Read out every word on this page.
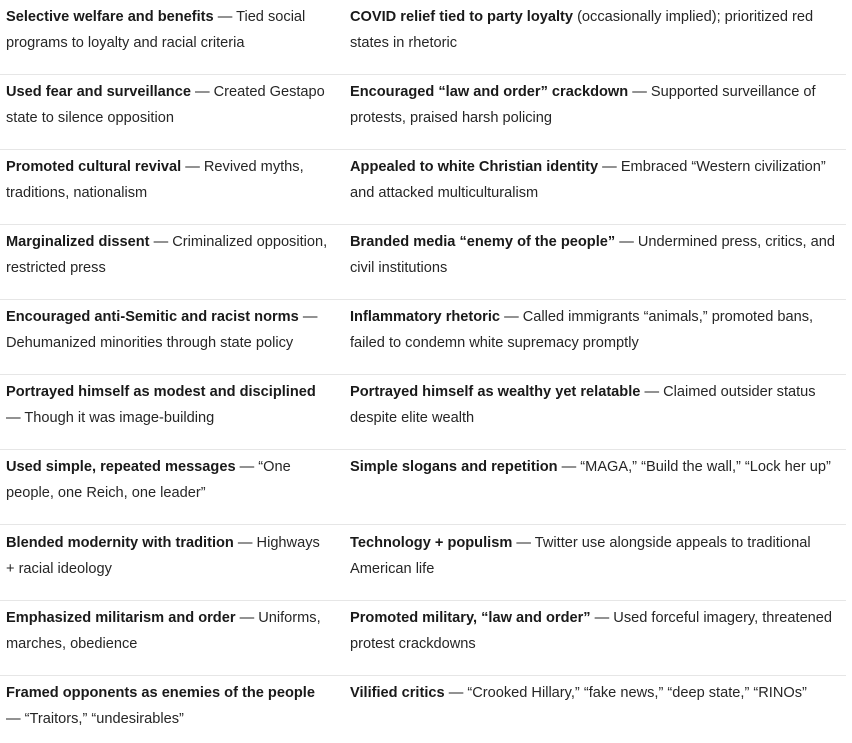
Selective welfare and benefits — Tied social programs to loyalty and racial criteria
COVID relief tied to party loyalty (occasionally implied); prioritized red states in rhetoric
Used fear and surveillance — Created Gestapo state to silence opposition
Encouraged “law and order” crackdown — Supported surveillance of protests, praised harsh policing
Promoted cultural revival — Revived myths, traditions, nationalism
Appealed to white Christian identity — Embraced “Western civilization” and attacked multiculturalism
Marginalized dissent — Criminalized opposition, restricted press
Branded media “enemy of the people” — Undermined press, critics, and civil institutions
Encouraged anti-Semitic and racist norms — Dehumanized minorities through state policy
Inflammatory rhetoric — Called immigrants “animals,” promoted bans, failed to condemn white supremacy promptly
Portrayed himself as modest and disciplined — Though it was image-building
Portrayed himself as wealthy yet relatable — Claimed outsider status despite elite wealth
Used simple, repeated messages — “One people, one Reich, one leader”
Simple slogans and repetition — “MAGA,” “Build the wall,” “Lock her up”
Blended modernity with tradition — Highways + racial ideology
Technology + populism — Twitter use alongside appeals to traditional American life
Emphasized militarism and order — Uniforms, marches, obedience
Promoted military, “law and order” — Used forceful imagery, threatened protest crackdowns
Framed opponents as enemies of the people — “Traitors,” “undesirables”
Vilified critics — “Crooked Hillary,” “fake news,” “deep state,” “RINOs”
